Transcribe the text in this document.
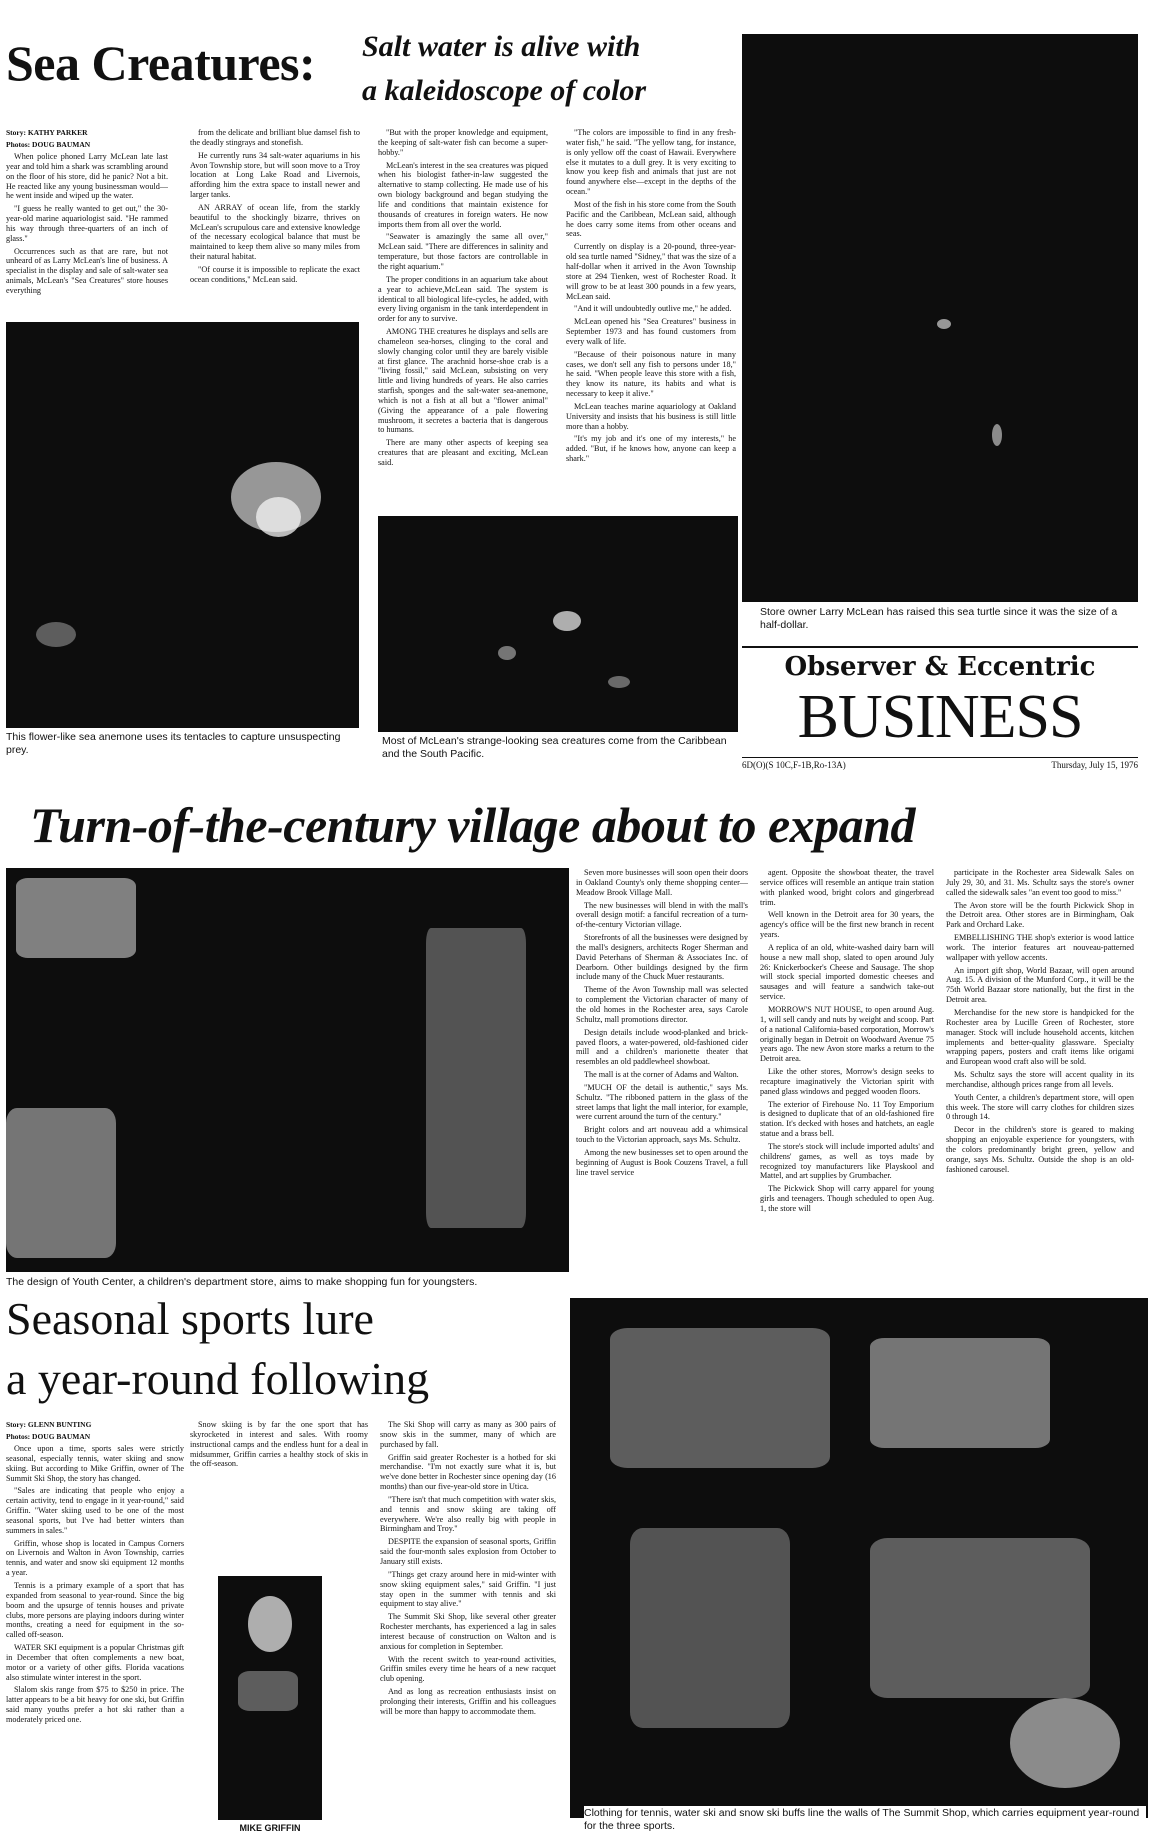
Sea Creatures: Salt water is alive with
a kaleidoscope of color

Story: KATHY PARKER

Photos: DOUG BAUMAN

When police phoned Larry McLean late last year and told him a shark was scrambling around on the floor of his store, did he panic? Not a bit. He reacted like any young businessman would—he went inside and wiped up the water.

"I guess he really wanted to get out," the 30-year-old marine aquariologist said. "He rammed his way through three-quarters of an inch of glass."

Occurrences such as that are rare, but not unheard of as Larry McLean's line of business. A specialist in the display and sale of salt-water sea animals, McLean's "Sea Creatures" store houses everything

from the delicate and brilliant blue damsel fish to the deadly stingrays and stonefish.

He currently runs 34 salt-water aquariums in his Avon Township store, but will soon move to a Troy location at Long Lake Road and Livernois, affording him the extra space to install newer and larger tanks.

AN ARRAY of ocean life, from the starkly beautiful to the shockingly bizarre, thrives on McLean's scrupulous care and extensive knowledge of the necessary ecological balance that must be maintained to keep them alive so many miles from their natural habitat.

"Of course it is impossible to replicate the exact ocean conditions," McLean said.

"But with the proper knowledge and equipment, the keeping of salt-water fish can become a super-hobby."

McLean's interest in the sea creatures was piqued when his biologist father-in-law suggested the alternative to stamp collecting. He made use of his own biology background and began studying the life and conditions that maintain existence for thousands of creatures in foreign waters. He now imports them from all over the world.

"Seawater is amazingly the same all over," McLean said. "There are differences in salinity and temperature, but those factors are controllable in the right aquarium."

The proper conditions in an aquarium take about a year to achieve,McLean said. The system is identical to all biological life-cycles, he added, with every living organism in the tank interdependent in order for any to survive.

AMONG THE creatures he displays and sells are chameleon sea-horses, clinging to the coral and slowly changing color until they are barely visible at first glance. The arachnid horse-shoe crab is a "living fossil," said McLean, subsisting on very little and living hundreds of years. He also carries starfish, sponges and the salt-water sea-anemone, which is not a fish at all but a "flower animal" (Giving the appearance of a pale flowering mushroom, it secretes a bacteria that is dangerous to humans.

There are many other aspects of keeping sea creatures that are pleasant and exciting, McLean said.

"The colors are impossible to find in any fresh-water fish," he said. "The yellow tang, for instance, is only yellow off the coast of Hawaii. Everywhere else it mutates to a dull grey. It is very exciting to know you keep fish and animals that just are not found anywhere else—except in the depths of the ocean."

Most of the fish in his store come from the South Pacific and the Caribbean, McLean said, although he does carry some items from other oceans and seas.

Currently on display is a 20-pound, three-year-old sea turtle named "Sidney," that was the size of a half-dollar when it arrived in the Avon Township store at 294 Tienken, west of Rochester Road. It will grow to be at least 300 pounds in a few years, McLean said.

"And it will undoubtedly outlive me," he added.

McLean opened his "Sea Creatures" business in September 1973 and has found customers from every walk of life.

"Because of their poisonous nature in many cases, we don't sell any fish to persons under 18," he said. "When people leave this store with a fish, they know its nature, its habits and what is necessary to keep it alive."

McLean teaches marine aquariology at Oakland University and insists that his business is still little more than a hobby.

"It's my job and it's one of my interests," he added. "But, if he knows how, anyone can keep a shark."

This flower-like sea anemone uses its tentacles to capture unsuspecting prey.
Most of McLean's strange-looking sea creatures come from the Caribbean and the South Pacific.
Store owner Larry McLean has raised this sea turtle since it was the size of a half-dollar.
Observer & Eccentric
BUSINESS
6D(O)(S 10C,F-1B,Ro-13A)	Thursday, July 15, 1976
Turn-of-the-century village about to expand
The design of Youth Center, a children's department store, aims to make shopping fun for youngsters.

Seven more businesses will soon open their doors in Oakland County's only theme shopping center—Meadow Brook Village Mall.

The new businesses will blend in with the mall's overall design motif: a fanciful recreation of a turn-of-the-century Victorian village.

Storefronts of all the businesses were designed by the mall's designers, architects Roger Sherman and David Peterhans of Sherman & Associates Inc. of Dearborn. Other buildings designed by the firm include many of the Chuck Muer restaurants.

Theme of the Avon Township mall was selected to complement the Victorian character of many of the old homes in the Rochester area, says Carole Schultz, mall promotions director.

Design details include wood-planked and brick-paved floors, a water-powered, old-fashioned cider mill and a children's marionette theater that resembles an old paddlewheel showboat.

The mall is at the corner of Adams and Walton.

"MUCH OF the detail is authentic," says Ms. Schultz. "The ribboned pattern in the glass of the street lamps that light the mall interior, for example, were current around the turn of the century."

Bright colors and art nouveau add a whimsical touch to the Victorian approach, says Ms. Schultz.

Among the new businesses set to open around the beginning of August is Book Couzens Travel, a full line travel service

agent. Opposite the showboat theater, the travel service offices will resemble an antique train station with planked wood, bright colors and gingerbread trim.

Well known in the Detroit area for 30 years, the agency's office will be the first new branch in recent years.

A replica of an old, white-washed dairy barn will house a new mall shop, slated to open around July 26: Knickerbocker's Cheese and Sausage. The shop will stock special imported domestic cheeses and sausages and will feature a sandwich take-out service.

MORROW'S NUT HOUSE, to open around Aug. 1, will sell candy and nuts by weight and scoop. Part of a national California-based corporation, Morrow's originally began in Detroit on Woodward Avenue 75 years ago. The new Avon store marks a return to the Detroit area.

Like the other stores, Morrow's design seeks to recapture imaginatively the Victorian spirit with paned glass windows and pegged wooden floors.

The exterior of Firehouse No. 11 Toy Emporium is designed to duplicate that of an old-fashioned fire station. It's decked with hoses and hatchets, an eagle statue and a brass bell.

The store's stock will include imported adults' and childrens' games, as well as toys made by recognized toy manufacturers like Playskool and Mattel, and art supplies by Grumbacher.

The Pickwick Shop will carry apparel for young girls and teenagers. Though scheduled to open Aug. 1, the store will

participate in the Rochester area Sidewalk Sales on July 29, 30, and 31. Ms. Schultz says the store's owner called the sidewalk sales "an event too good to miss."

The Avon store will be the fourth Pickwick Shop in the Detroit area. Other stores are in Birmingham, Oak Park and Orchard Lake.

EMBELLISHING THE shop's exterior is wood lattice work. The interior features art nouveau-patterned wallpaper with yellow accents.

An import gift shop, World Bazaar, will open around Aug. 15. A division of the Munford Corp., it will be the 75th World Bazaar store nationally, but the first in the Detroit area.

Merchandise for the new store is handpicked for the Rochester area by Lucille Green of Rochester, store manager. Stock will include household accents, kitchen implements and better-quality glassware. Specialty wrapping papers, posters and craft items like origami and European wood craft also will be sold.

Ms. Schultz says the store will accent quality in its merchandise, although prices range from all levels.

Youth Center, a children's department store, will open this week. The store will carry clothes for children sizes 0 through 14.

Decor in the children's store is geared to making shopping an enjoyable experience for youngsters, with the colors predominantly bright green, yellow and orange, says Ms. Schultz. Outside the shop is an old-fashioned carousel.

Seasonal sports lure
a year-round following

Story: GLENN BUNTING

Photos: DOUG BAUMAN

Once upon a time, sports sales were strictly seasonal, especially tennis, water skiing and snow skiing. But according to Mike Griffin, owner of The Summit Ski Shop, the story has changed.

"Sales are indicating that people who enjoy a certain activity, tend to engage in it year-round," said Griffin. "Water skiing used to be one of the most seasonal sports, but I've had better winters than summers in sales."

Griffin, whose shop is located in Campus Corners on Livernois and Walton in Avon Township, carries tennis, and water and snow ski equipment 12 months a year.

Tennis is a primary example of a sport that has expanded from seasonal to year-round. Since the big boom and the upsurge of tennis houses and private clubs, more persons are playing indoors during winter months, creating a need for equipment in the so-called off-season.

WATER SKI equipment is a popular Christmas gift in December that often complements a new boat, motor or a variety of other gifts. Florida vacations also stimulate winter interest in the sport.

Slalom skis range from $75 to $250 in price. The latter appears to be a bit heavy for one ski, but Griffin said many youths prefer a hot ski rather than a moderately priced one.

Snow skiing is by far the one sport that has skyrocketed in interest and sales. With roomy instructional camps and the endless hunt for a deal in midsummer, Griffin carries a healthy stock of skis in the off-season.

MIKE GRIFFIN

The Ski Shop will carry as many as 300 pairs of snow skis in the summer, many of which are purchased by fall.

Griffin said greater Rochester is a hotbed for ski merchandise. "I'm not exactly sure what it is, but we've done better in Rochester since opening day (16 months) than our five-year-old store in Utica.

"There isn't that much competition with water skis, and tennis and snow skiing are taking off everywhere. We're also really big with people in Birmingham and Troy."

DESPITE the expansion of seasonal sports, Griffin said the four-month sales explosion from October to January still exists.

"Things get crazy around here in mid-winter with snow skiing equipment sales," said Griffin. "I just stay open in the summer with tennis and ski equipment to stay alive."

The Summit Ski Shop, like several other greater Rochester merchants, has experienced a lag in sales interest because of construction on Walton and is anxious for completion in September.

With the recent switch to year-round activities, Griffin smiles every time he hears of a new racquet club opening.

And as long as recreation enthusiasts insist on prolonging their interests, Griffin and his colleagues will be more than happy to accommodate them.

Clothing for tennis, water ski and snow ski buffs line the walls of The Summit Shop, which carries equipment year-round for the three sports.
